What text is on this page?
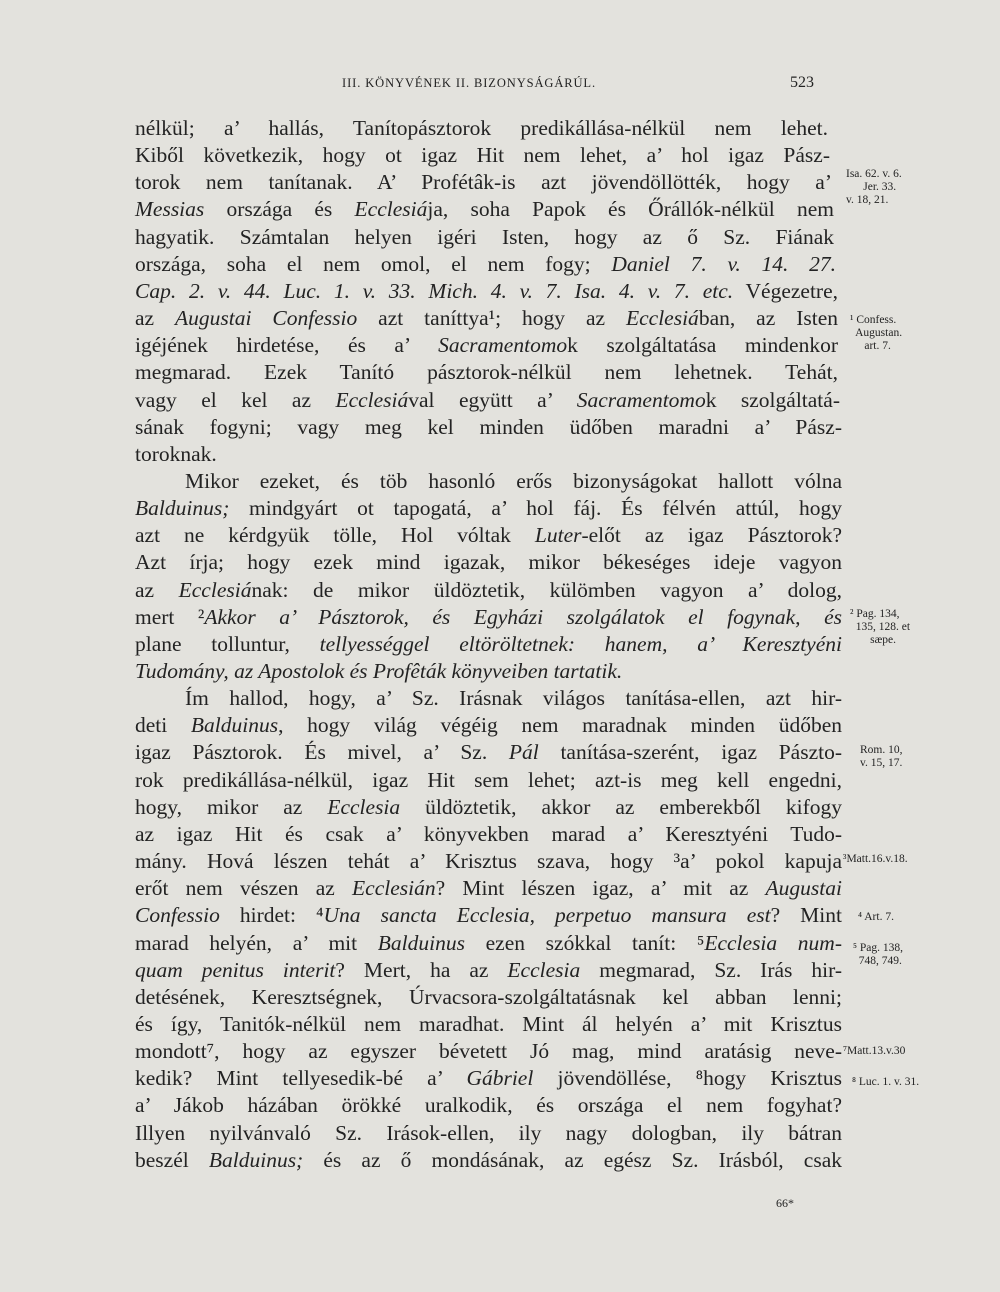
III. KÖNYVÉNEK II. BIZONYSÁGÁRÚL.	523
nélkül; a’ hallás, Tanítopásztorok predikállása-nélkül nem lehet.
Kiből következik, hogy ot igaz Hit nem lehet, a’ hol igaz Pász-
torok nem tanítanak. A’ Profétâk-is azt jövendöllötték, hogy a’
Messias országa és Ecclesiája, soha Papok és Őrállók-nélkül nem
hagyatik. Számtalan helyen igéri Isten, hogy az ő Sz. Fiának
országa, soha el nem omol, el nem fogy; Daniel 7. v. 14. 27.
Cap. 2. v. 44. Luc. 1. v. 33. Mich. 4. v. 7. Isa. 4. v. 7. etc. Végezetre,
az Augustai Confessio azt taníttya¹; hogy az Ecclesiában, az Isten
igéjének hirdetése, és a’ Sacramentomok szolgáltatása mindenkor
megmarad. Ezek Tanító pásztorok-nélkül nem lehetnek. Tehát,
vagy el kel az Ecclesiával együtt a’ Sacramentomok szolgáltatá-
sának fogyni; vagy meg kel minden üdőben maradni a’ Pász-
toroknak.
Mikor ezeket, és töb hasonló erős bizonyságokat hallott vólna
Balduinus; mindgyárt ot tapogatá, a’ hol fáj. És félvén attúl, hogy
azt ne kérdgyük tölle, Hol vóltak Luter-előt az igaz Pásztorok?
Azt írja; hogy ezek mind igazak, mikor békeséges ideje vagyon
az Ecclesiának: de mikor üldöztetik, külömben vagyon a’ dolog,
mert ²Akkor a’ Pásztorok, és Egyházi szolgálatok el fogynak, és
plane tolluntur, tellyességgel eltöröltetnek: hanem, a’ Keresztyéni
Tudomány, az Apostolok és Profêták könyveiben tartatik.
Ím hallod, hogy, a’ Sz. Irásnak világos tanítása-ellen, azt hir-
deti Balduinus, hogy világ végéig nem maradnak minden üdőben
igaz Pásztorok. És mivel, a’ Sz. Pál tanítása-szerént, igaz Pászto-
rok predikállása-nélkül, igaz Hit sem lehet; azt-is meg kell engedni,
hogy, mikor az Ecclesia üldöztetik, akkor az emberekből kifogy
az igaz Hit és csak a’ könyvekben marad a’ Keresztyéni Tudo-
mány. Hová lészen tehát a’ Krisztus szava, hogy ³a’ pokol kapuja
erőt nem vészen az Ecclesián? Mint lészen igaz, a’ mit az Augustai
Confessio hirdet: ⁴Una sancta Ecclesia, perpetuo mansura est? Mint
marad helyén, a’ mit Balduinus ezen szókkal tanít: ⁵Ecclesia num-
quam penitus interit? Mert, ha az Ecclesia megmarad, Sz. Irás hir-
detésének, Keresztségnek, Úrvacsora-szolgáltatásnak kel abban lenni;
és így, Tanitók-nélkül nem maradhat. Mint ál helyén a’ mit Krisztus
mondott⁷, hogy az egyszer bévetett Jó mag, mind aratásig neve-
kedik? Mint tellyesedik-bé a’ Gábriel jövendöllése, ⁸hogy Krisztus
a’ Jákob házában örökké uralkodik, és országa el nem fogyhat?
Illyen nyilvánvaló Sz. Irások-ellen, ily nagy dologban, ily bátran
beszél Balduinus; és az ő mondásának, az egész Sz. Irásból, csak
Isa. 62. v. 6.
Jer. 33.
v. 18, 21.
¹ Confess.
Augustan.
art. 7.
² Pag. 134,
135, 128. et
sæpe.
Rom. 10,
v. 15, 17.
³Matt.16.v.18.
⁴ Art. 7.
⁵ Pag. 138,
748, 749.
⁷Matt.13.v.30
⁸ Luc. 1. v. 31.
66*
